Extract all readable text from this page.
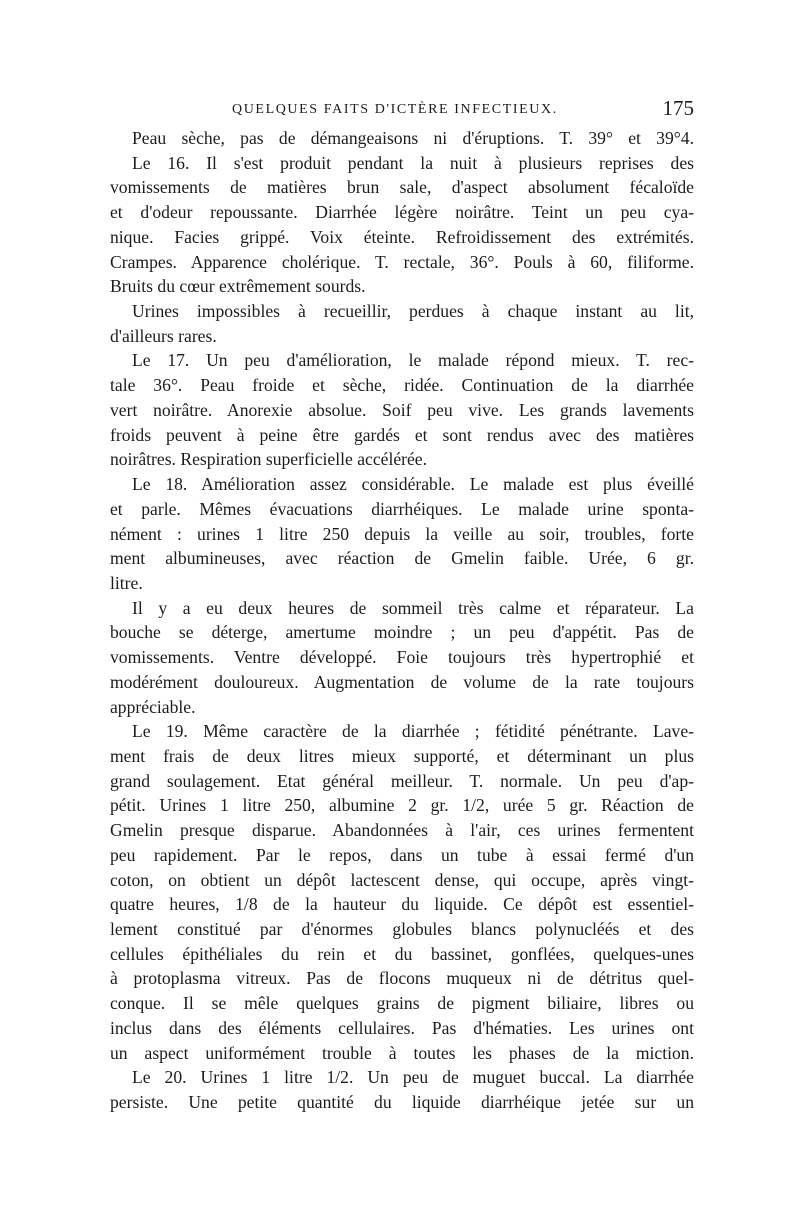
QUELQUES FAITS D'ICTÈRE INFECTIEUX.	175
Peau sèche, pas de démangeaisons ni d'éruptions. T. 39° et 39°4.
Le 16. Il s'est produit pendant la nuit à plusieurs reprises des
vomissements de matières brun sale, d'aspect absolument fécaloïde
et d'odeur repoussante. Diarrhée légère noirâtre. Teint un peu cya-
nique. Facies grippé. Voix éteinte. Refroidissement des extrémités.
Crampes. Apparence cholérique. T. rectale, 36°. Pouls à 60, filiforme.
Bruits du cœur extrêmement sourds.
Urines impossibles à recueillir, perdues à chaque instant au lit,
d'ailleurs rares.
Le 17. Un peu d'amélioration, le malade répond mieux. T. rec-
tale 36°. Peau froide et sèche, ridée. Continuation de la diarrhée
vert noirâtre. Anorexie absolue. Soif peu vive. Les grands lavements
froids peuvent à peine être gardés et sont rendus avec des matières
noirâtres. Respiration superficielle accélérée.
Le 18. Amélioration assez considérable. Le malade est plus éveillé
et parle. Mêmes évacuations diarrhéiques. Le malade urine sponta-
nément : urines 1 litre 250 depuis la veille au soir, troubles, forte
ment albumineuses, avec réaction de Gmelin faible. Urée, 6 gr.
litre.
Il y a eu deux heures de sommeil très calme et réparateur. La
bouche se déterge, amertume moindre ; un peu d'appétit. Pas de
vomissements. Ventre développé. Foie toujours très hypertrophié et
modérément douloureux. Augmentation de volume de la rate toujours
appréciable.
Le 19. Même caractère de la diarrhée ; fétidité pénétrante. Lave-
ment frais de deux litres mieux supporté, et déterminant un plus
grand soulagement. Etat général meilleur. T. normale. Un peu d'ap-
pétit. Urines 1 litre 250, albumine 2 gr. 1/2, urée 5 gr. Réaction de
Gmelin presque disparue. Abandonnées à l'air, ces urines fermentent
peu rapidement. Par le repos, dans un tube à essai fermé d'un
coton, on obtient un dépôt lactescent dense, qui occupe, après vingt-
quatre heures, 1/8 de la hauteur du liquide. Ce dépôt est essentiel-
lement constitué par d'énormes globules blancs polynucléés et des
cellules épithéliales du rein et du bassinet, gonflées, quelques-unes
à protoplasma vitreux. Pas de flocons muqueux ni de détritus quel-
conque. Il se mêle quelques grains de pigment biliaire, libres ou
inclus dans des éléments cellulaires. Pas d'hématies. Les urines ont
un aspect uniformément trouble à toutes les phases de la miction.
Le 20. Urines 1 litre 1/2. Un peu de muguet buccal. La diarrhée
persiste. Une petite quantité du liquide diarrhéique jetée sur un
